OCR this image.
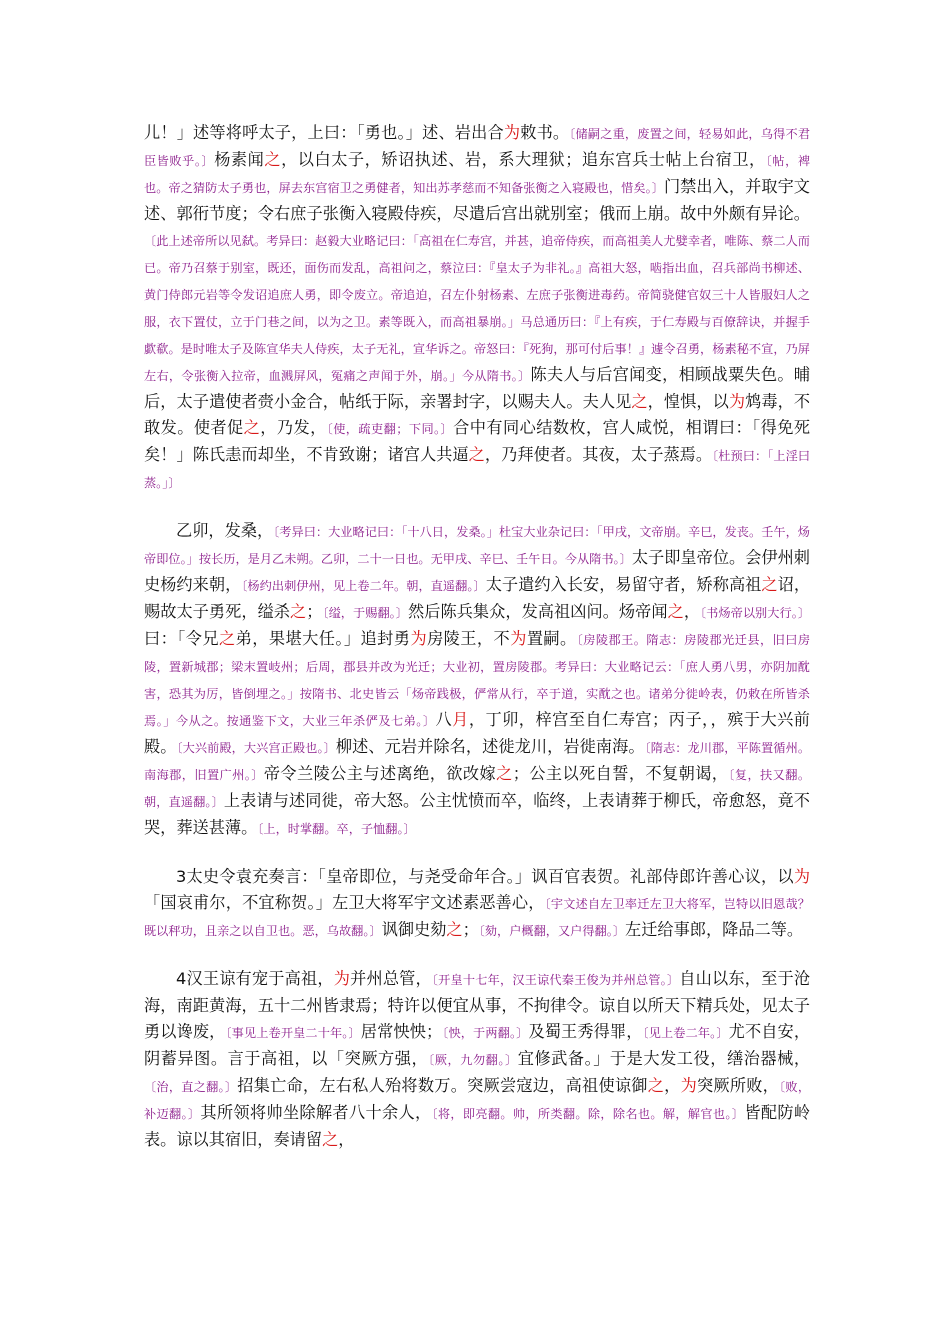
儿！」述等将呼太子，上曰：「勇也。」述、岩出合为敕书。〔储嗣之重，废置之间，轻易如此，乌得不君臣皆败乎。〕杨素闻之，以白太子，矫诏执述、岩，系大理狱；追东宫兵士帖上台宿卫，〔帖，裨也。帝之猜防太子勇也，屏去东宫宿卫之勇健者，知出苏孝慈而不知备张衡之入寝殿也，惜矣。〕门禁出入，并取宇文述、郭衎节度；令右庶子张衡入寝殿侍疾，尽遣后宫出就别室；俄而上崩。故中外颇有异论。〔此上述帝所以见弑。考异曰：赵毅大业略记曰：「高祖在仁寿宫，并甚，追帝侍疾，而高祖美人尤嬖幸者，唯陈、蔡二人而已。帝乃召蔡于别室，既还，面伤而发乱，高祖问之，蔡泣曰：『皇太子为非礼。』高祖大怒，啮指出血，召兵部尚书柳述、黄门侍郎元岩等令发诏追庶人勇，即令废立。帝追迫，召左仆射杨素、左庶子张衡进毒药。帝简骁健官奴三十人皆服妇人之服，衣下置仗，立于门巷之间，以为之卫。素等既入，而高祖暴崩。」马总通历曰：『上有疾，于仁寿殿与百僚辞诀，并握手歔欷。是时唯太子及陈宣华夫人侍疾，太子无礼，宣华诉之。帝怒曰：『死狗，那可付后事！』遽令召勇，杨素秘不宣，乃屏左右，令张衡入拉帝，血溅屏风，冤痛之声闻于外，崩。」今从隋书。〕陈夫人与后宫闻变，相顾战粟失色。晡后，太子遣使者赍小金合，帖纸于际，亲署封字，以赐夫人。夫人见之，惶惧，以为鸩毒，不敢发。使者促之，乃发，〔使，疏吏翻；下同。〕合中有同心结数枚，宫人咸悦，相谓曰：「得免死矣！」陈氏恚而却坐，不肯致谢；诸宫人共逼之，乃拜使者。其夜，太子蒸焉。〔杜预曰：「上淫曰蒸。」〕

乙卯，发桑，〔考异曰：大业略记曰：「十八日，发桑。」杜宝大业杂记曰：「甲戌，文帝崩。辛巳，发丧。壬午，炀帝即位。」按长历，是月乙未朔。乙卯，二十一日也。无甲戌、辛巳、壬午日。今从隋书。〕太子即皇帝位。会伊州刺史杨约来朝，〔杨约出刺伊州，见上卷二年。朝，直遥翻。〕太子遣约入长安，易留守者，矫称高祖之诏，赐故太子勇死，缢杀之；〔缢，于赐翻。〕然后陈兵集众，发高祖凶问。炀帝闻之，〔书炀帝以别大行。〕曰：「令兄之弟，果堪大任。」追封勇为房陵王，不为置嗣。〔房陵郡王。隋志：房陵郡光迁县，旧曰房陵，置新城郡；梁末置岐州；后周，郡县并改为光迁；大业初，置房陵郡。考异曰：大业略记云：「庶人勇八男，亦阴加酖害，恐其为厉，皆倒埋之。」按隋书、北史皆云「炀帝践极，俨常从行，卒于道，实酖之也。诸弟分徙岭表，仍敕在所皆杀焉。」今从之。按通鉴下文，大业三年杀俨及七弟。〕八月，丁卯，梓宫至自仁寿宫；丙子，，殡于大兴前殿。〔大兴前殿，大兴宫正殿也。〕柳述、元岩并除名，述徙龙川，岩徙南海。〔隋志：龙川郡，平陈置循州。南海郡，旧置广州。〕帝令兰陵公主与述离绝，欲改嫁之；公主以死自誓，不复朝谒，〔复，扶又翻。朝，直遥翻。〕上表请与述同徙，帝大怒。公主忧愤而卒，临终，上表请葬于柳氏，帝愈怒，竟不哭，葬送甚薄。〔上，时掌翻。卒，子恤翻。〕

3太史令袁充奏言：「皇帝即位，与尧受命年合。」讽百官表贺。礼部侍郎许善心议，以为「国哀甫尔，不宜称贺。」左卫大将军宇文述素恶善心，〔宇文述自左卫率迁左卫大将军，岂特以旧恩哉？既以秤功，且亲之以自卫也。恶，乌故翻。〕讽御史劾之；〔劾，户概翻，又户得翻。〕左迁给事郎，降品二等。

4汉王谅有宠于高祖，为并州总管，〔开皇十七年，汉王谅代秦王俊为并州总管。〕自山以东，至于沧海，南距黄海，五十二州皆隶焉；特许以便宜从事，不拘律令。谅自以所天下精兵处，见太子勇以谗废，〔事见上卷开皇二十年。〕居常怏怏；〔怏，于两翻。〕及蜀王秀得罪，〔见上卷二年。〕尤不自安，阴蓄异图。言于高祖，以「突厥方强，〔厥，九勿翻。〕宜修武备。」于是大发工役，缮治器械，〔治，直之翻。〕招集亡命，左右私人殆将数万。突厥尝寇边，高祖使谅御之，为突厥所败，〔败，补迈翻。〕其所领将帅坐除解者八十余人，〔将，即亮翻。帅，所类翻。除，除名也。解，解官也。〕皆配防岭表。谅以其宿旧，奏请留之，
